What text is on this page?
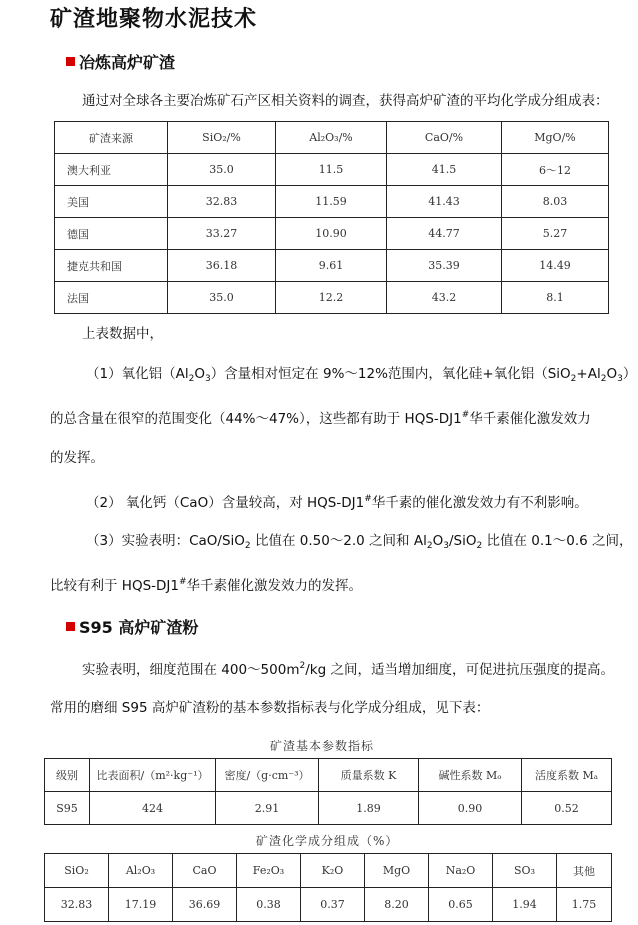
矿渣地聚物水泥技术
冶炼高炉矿渣

通过对全球各主要冶炼矿石产区相关资料的调查，获得高炉矿渣的平均化学成分组成表：

矿渣来源	SiO₂/%	Al₂O₃/%	CaO/%	MgO/%
澳大利亚	35.0	11.5	41.5	6～12
美国	32.83	11.59	41.43	8.03
德国	33.27	10.90	44.77	5.27
捷克共和国	36.18	9.61	35.39	14.49
法国	35.0	12.2	43.2	8.1

上表数据中，

（1）氧化铝$(Al_2O_3)$含量相对恒定在 9%～12%范围内，氧化硅+氧化铝$(SiO_2+Al_2O_3)$

的总含量在很窄的范围变化（44%～47%），这些都有助于 HQS-DJ1#华千素催化激发效力

的发挥。

（2） 氧化钙（CaO）含量较高，对 HQS-DJ1#华千素的催化激发效力有不利影响。

（3）实验表明：CaO/SiO$_2$ 比值在 0.50～2.0 之间和 $Al_2O_3/SiO_2$ 比值在 0.1～0.6 之间，

比较有利于 HQS-DJ1#华千素催化激发效力的发挥。

S95 高炉矿渣粉

实验表明，细度范围在 $400\sim 500m^2/kg$ 之间，适当增加细度，可促进抗压强度的提高。

常用的磨细 S95 高炉矿渣粉的基本参数指标表与化学成分组成，见下表：

矿渣基本参数指标

级别	比表面积/（m²·kg⁻¹）	密度/（g·cm⁻³）	质量系数 K	碱性系数 Mₒ	活度系数 Mₐ
S95	424	2.91	1.89	0.90	0.52

矿渣化学成分组成（%）

SiO₂	Al₂O₃	CaO	Fe₂O₃	K₂O	MgO	Na₂O	SO₃	其他
32.83	17.19	36.69	0.38	0.37	8.20	0.65	1.94	1.75
